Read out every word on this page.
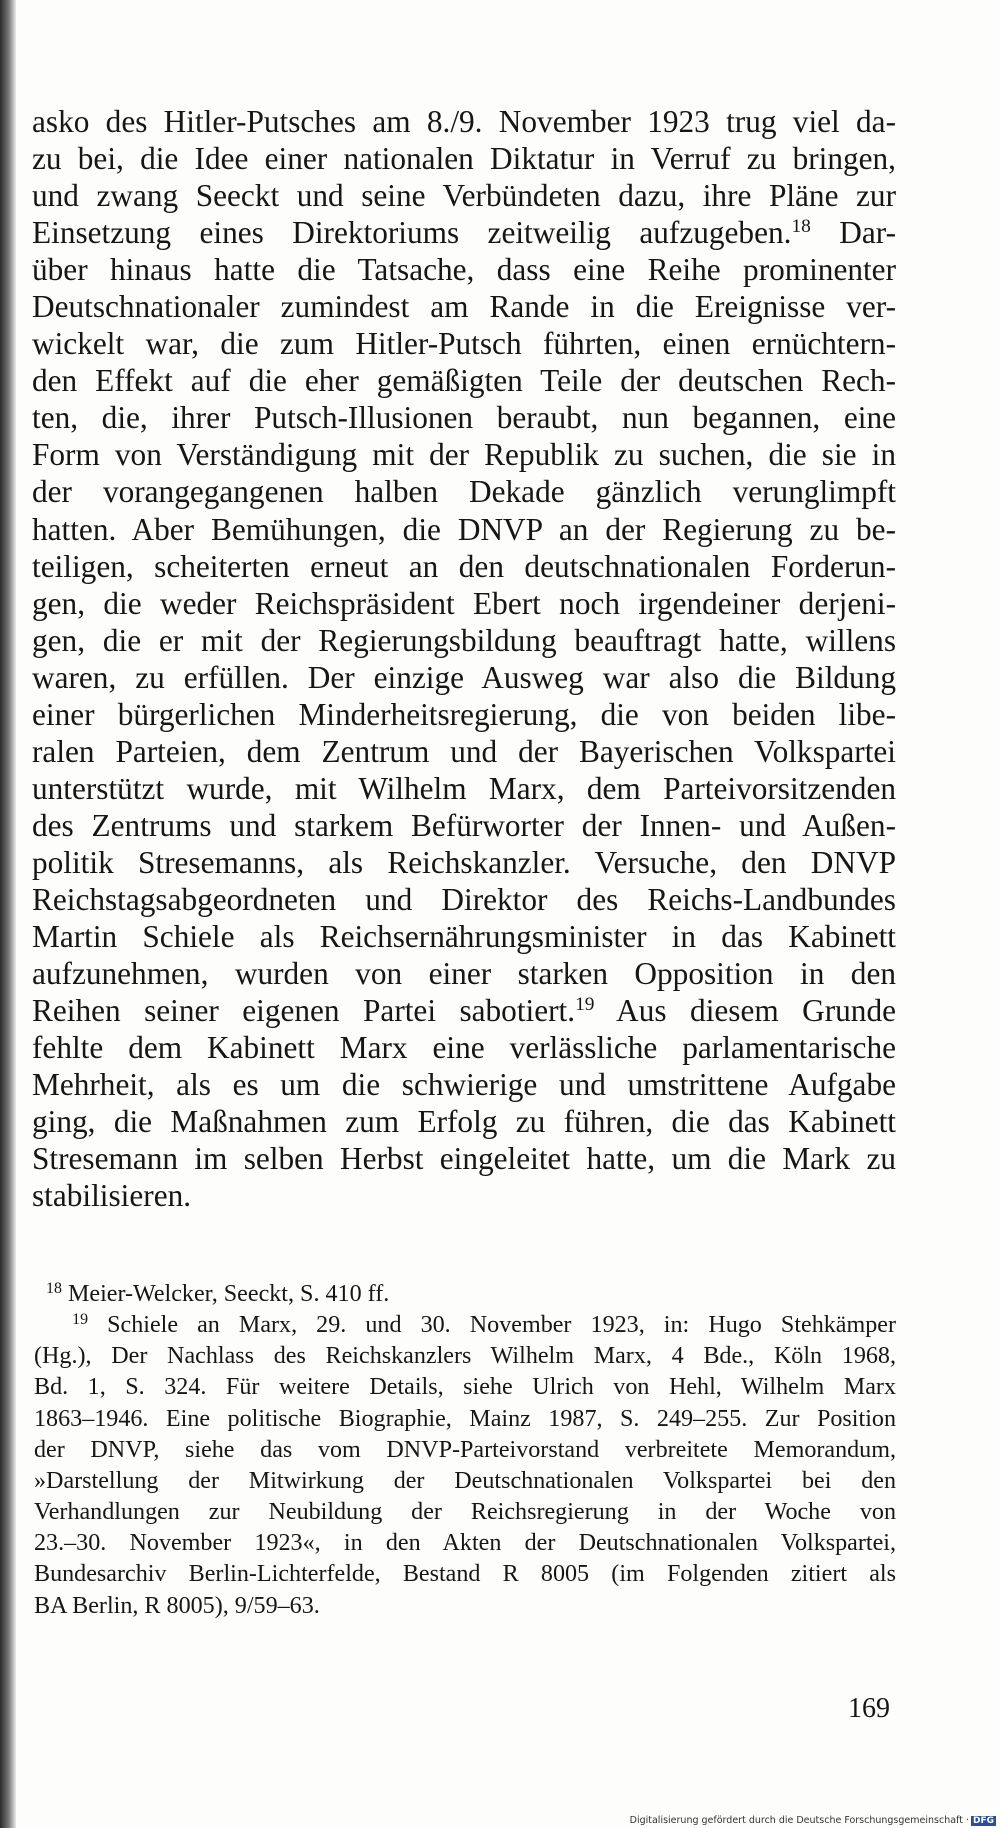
asko des Hitler-Putsches am 8./9. November 1923 trug viel da-
zu bei, die Idee einer nationalen Diktatur in Verruf zu bringen,
und zwang Seeckt und seine Verbündeten dazu, ihre Pläne zur
Einsetzung eines Direktoriums zeitweilig aufzugeben.$^{18}$ Dar-
über hinaus hatte die Tatsache, dass eine Reihe prominenter
Deutschnationaler zumindest am Rande in die Ereignisse ver-
wickelt war, die zum Hitler-Putsch führten, einen ernüchtern-
den Effekt auf die eher gemäßigten Teile der deutschen Rech-
ten, die, ihrer Putsch-Illusionen beraubt, nun begannen, eine
Form von Verständigung mit der Republik zu suchen, die sie in
der vorangegangenen halben Dekade gänzlich verunglimpft
hatten. Aber Bemühungen, die DNVP an der Regierung zu be-
teiligen, scheiterten erneut an den deutschnationalen Forderun-
gen, die weder Reichspräsident Ebert noch irgendeiner derjeni-
gen, die er mit der Regierungsbildung beauftragt hatte, willens
waren, zu erfüllen. Der einzige Ausweg war also die Bildung
einer bürgerlichen Minderheitsregierung, die von beiden libe-
ralen Parteien, dem Zentrum und der Bayerischen Volkspartei
unterstützt wurde, mit Wilhelm Marx, dem Parteivorsitzenden
des Zentrums und starkem Befürworter der Innen- und Außen-
politik Stresemanns, als Reichskanzler. Versuche, den DNVP
Reichstagsabgeordneten und Direktor des Reichs-Landbundes
Martin Schiele als Reichsernährungsminister in das Kabinett
aufzunehmen, wurden von einer starken Opposition in den
Reihen seiner eigenen Partei sabotiert.$^{19}$ Aus diesem Grunde
fehlte dem Kabinett Marx eine verlässliche parlamentarische
Mehrheit, als es um die schwierige und umstrittene Aufgabe
ging, die Maßnahmen zum Erfolg zu führen, die das Kabinett
Stresemann im selben Herbst eingeleitet hatte, um die Mark zu
stabilisieren.
$^{18}$ Meier-Welcker, Seeckt, S. 410 ff.
$^{19}$ Schiele an Marx, 29. und 30. November 1923, in: Hugo Stehkämper
(Hg.), Der Nachlass des Reichskanzlers Wilhelm Marx, 4 Bde., Köln 1968,
Bd. 1, S. 324. Für weitere Details, siehe Ulrich von Hehl, Wilhelm Marx
1863–1946. Eine politische Biographie, Mainz 1987, S. 249–255. Zur Position
der DNVP, siehe das vom DNVP-Parteivorstand verbreitete Memorandum,
»Darstellung der Mitwirkung der Deutschnationalen Volkspartei bei den
Verhandlungen zur Neubildung der Reichsregierung in der Woche von
23.–30. November 1923«, in den Akten der Deutschnationalen Volkspartei,
Bundesarchiv Berlin-Lichterfelde, Bestand R 8005 (im Folgenden zitiert als
BA Berlin, R 8005), 9/59–63.
169
Digitalisierung gefördert durch die Deutsche Forschungsgemeinschaft · DFG
